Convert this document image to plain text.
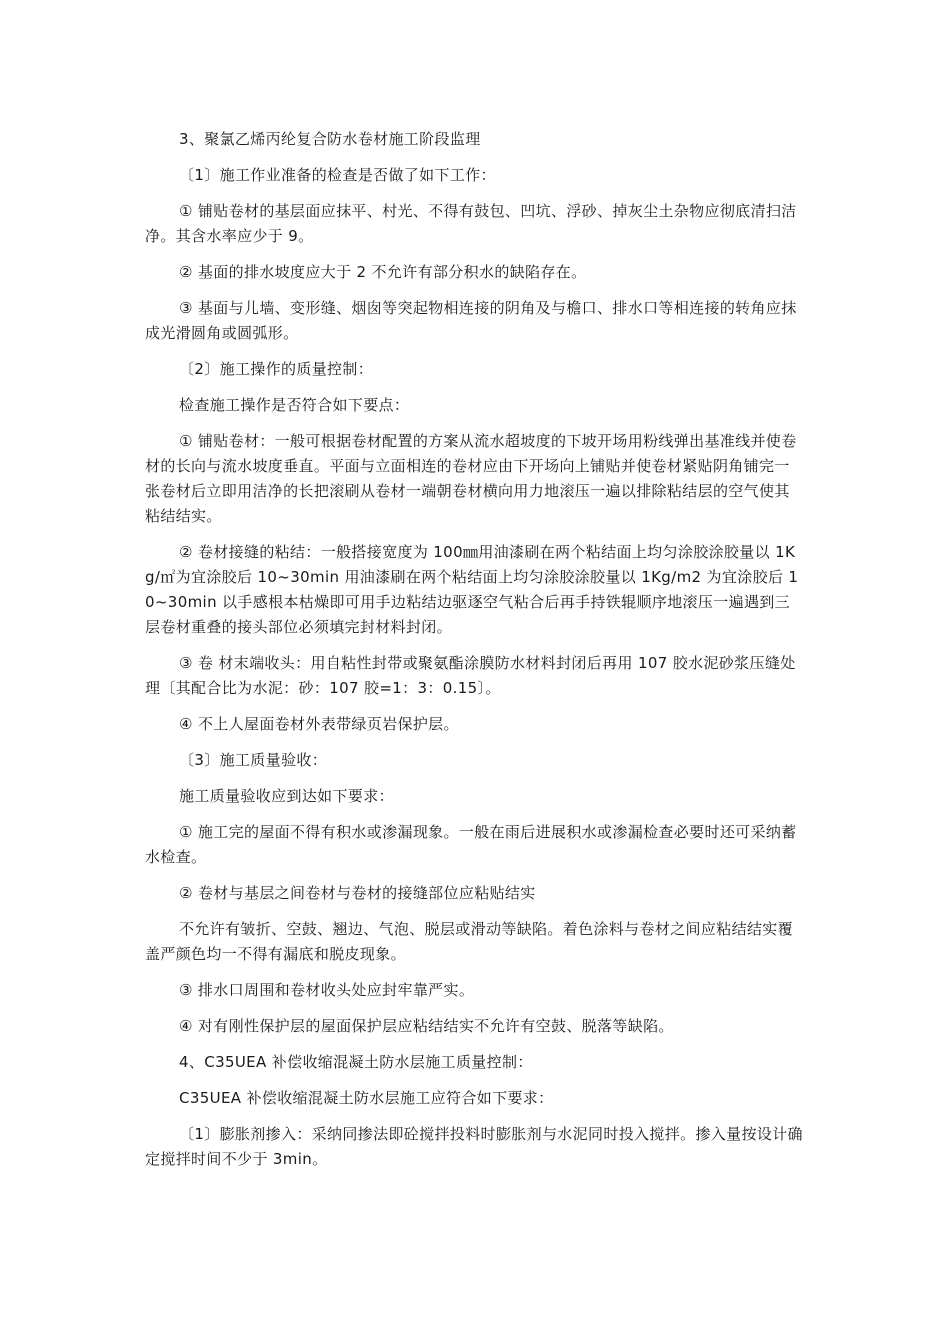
3、聚氯乙烯丙纶复合防水卷材施工阶段监理

〔1〕施工作业准备的检查是否做了如下工作：

① 铺贴卷材的基层面应抹平、村光、不得有鼓包、凹坑、浮砂、掉灰尘土杂物应彻底清扫洁净。其含水率应少于 9。

② 基面的排水坡度应大于 2 不允许有部分积水的缺陷存在。

③ 基面与儿墙、变形缝、烟囱等突起物相连接的阴角及与檐口、排水口等相连接的转角应抹成光滑圆角或圆弧形。

〔2〕施工操作的质量控制：

检查施工操作是否符合如下要点：

① 铺贴卷材：一般可根据卷材配置的方案从流水超坡度的下坡开场用粉线弹出基准线并使卷材的长向与流水坡度垂直。平面与立面相连的卷材应由下开场向上铺贴并使卷材紧贴阴角铺完一张卷材后立即用洁净的长把滚刷从卷材一端朝卷材横向用力地滚压一遍以排除粘结层的空气使其粘结结实。

② 卷材接缝的粘结：一般搭接宽度为 100㎜用油漆刷在两个粘结面上均匀涂胶涂胶量以 1Kg/㎡为宜涂胶后 10~30min 用油漆刷在两个粘结面上均匀涂胶涂胶量以 1Kg/m2 为宜涂胶后 10~30min 以手感根本枯燥即可用手边粘结边驱逐空气粘合后再手持铁辊顺序地滚压一遍遇到三层卷材重叠的接头部位必须填完封材料封闭。

③ 卷 材末端收头：用自粘性封带或聚氨酯涂膜防水材料封闭后再用 107 胶水泥砂浆压缝处理〔其配合比为水泥：砂：107 胶=1：3：0.15〕。

④ 不上人屋面卷材外表带绿页岩保护层。

〔3〕施工质量验收：

施工质量验收应到达如下要求：

① 施工完的屋面不得有积水或渗漏现象。一般在雨后进展积水或渗漏检查必要时还可采纳蓄水检查。

② 卷材与基层之间卷材与卷材的接缝部位应粘贴结实

不允许有皱折、空鼓、翘边、气泡、脱层或滑动等缺陷。着色涂料与卷材之间应粘结结实覆盖严颜色均一不得有漏底和脱皮现象。

③ 排水口周围和卷材收头处应封牢靠严实。

④ 对有刚性保护层的屋面保护层应粘结结实不允许有空鼓、脱落等缺陷。

4、C35UEA 补偿收缩混凝土防水层施工质量控制：

C35UEA 补偿收缩混凝土防水层施工应符合如下要求：

〔1〕膨胀剂掺入：采纳同掺法即砼搅拌投料时膨胀剂与水泥同时投入搅拌。掺入量按设计确定搅拌时间不少于 3min。
